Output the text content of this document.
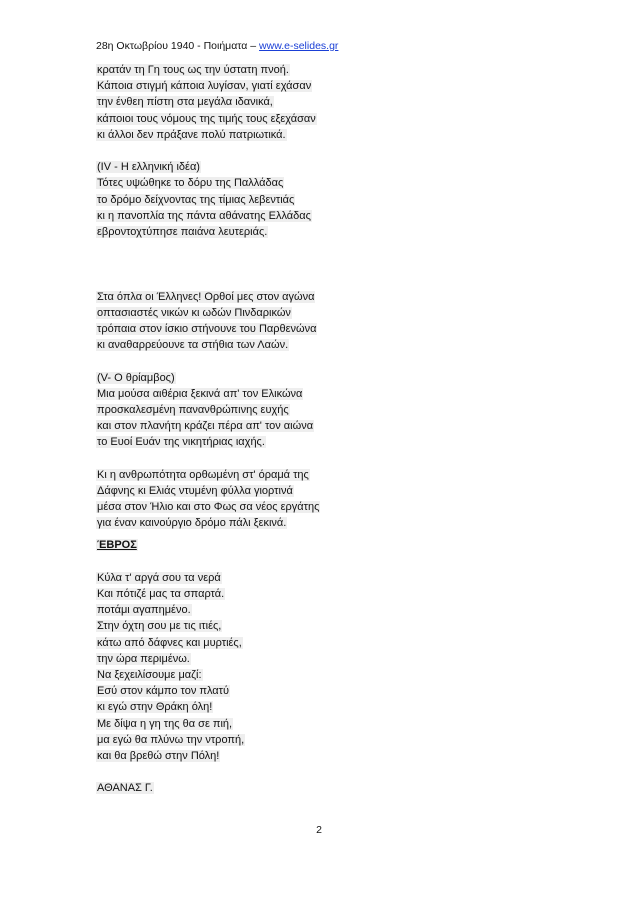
28η Οκτωβρίου 1940 - Ποιήματα – www.e-selides.gr
κρατάν τη Γη τους ως την ύστατη πνοή.
Κάποια στιγμή κάποια λυγίσαν, γιατί εχάσαν
την ένθεη πίστη στα μεγάλα ιδανικά,
κάποιοι τους νόμους της τιμής τους εξεχάσαν
κι άλλοι δεν πράξανε πολύ πατριωτικά.
(IV - Η ελληνική ιδέα)
Τότες υψώθηκε το δόρυ της Παλλάδας
το δρόμο δείχνοντας της τίμιας λεβεντιάς
κι η πανοπλία της πάντα αθάνατης Ελλάδας
εβροντοχτύπησε παιάνα λευτεριάς.
Στα όπλα οι Έλληνες! Ορθοί μες στον αγώνα
οπτασιαστές νικών κι ωδών Πινδαρικών
τρόπαια στον ίσκιο στήνουνε του Παρθενώνα
κι αναθαρρεύουνε τα στήθια των Λαών.
(V- Ο θρίαμβος)
Μια μούσα αιθέρια ξεκινά απ' τον Ελικώνα
προσκαλεσμένη πανανθρώπινης ευχής
και στον πλανήτη κράζει πέρα απ' τον αιώνα
το Ευοί Ευάν της νικητήριας ιαχής.
Κι η ανθρωπότητα ορθωμένη στ' όραμά της
Δάφνης κι Ελιάς ντυμένη φύλλα γιορτινά
μέσα στον Ήλιο και στο Φως σα νέος εργάτης
για έναν καινούργιο δρόμο πάλι ξεκινά.
ΈΒΡΟΣ
Κύλα τ' αργά σου τα νερά
Και πότιζέ μας τα σπαρτά.
ποτάμι αγαπημένο.
Στην όχτη σου με τις ιτιές,
κάτω από δάφνες και μυρτιές,
την ώρα περιμένω.
Να ξεχειλίσουμε μαζί:
Εσύ στον κάμπο τον πλατύ
κι εγώ στην Θράκη όλη!
Με δίψα η γη της θα σε πιή,
μα εγώ θα πλύνω την ντροπή,
και θα βρεθώ στην Πόλη!
ΑΘΑΝΑΣ Γ.
2
